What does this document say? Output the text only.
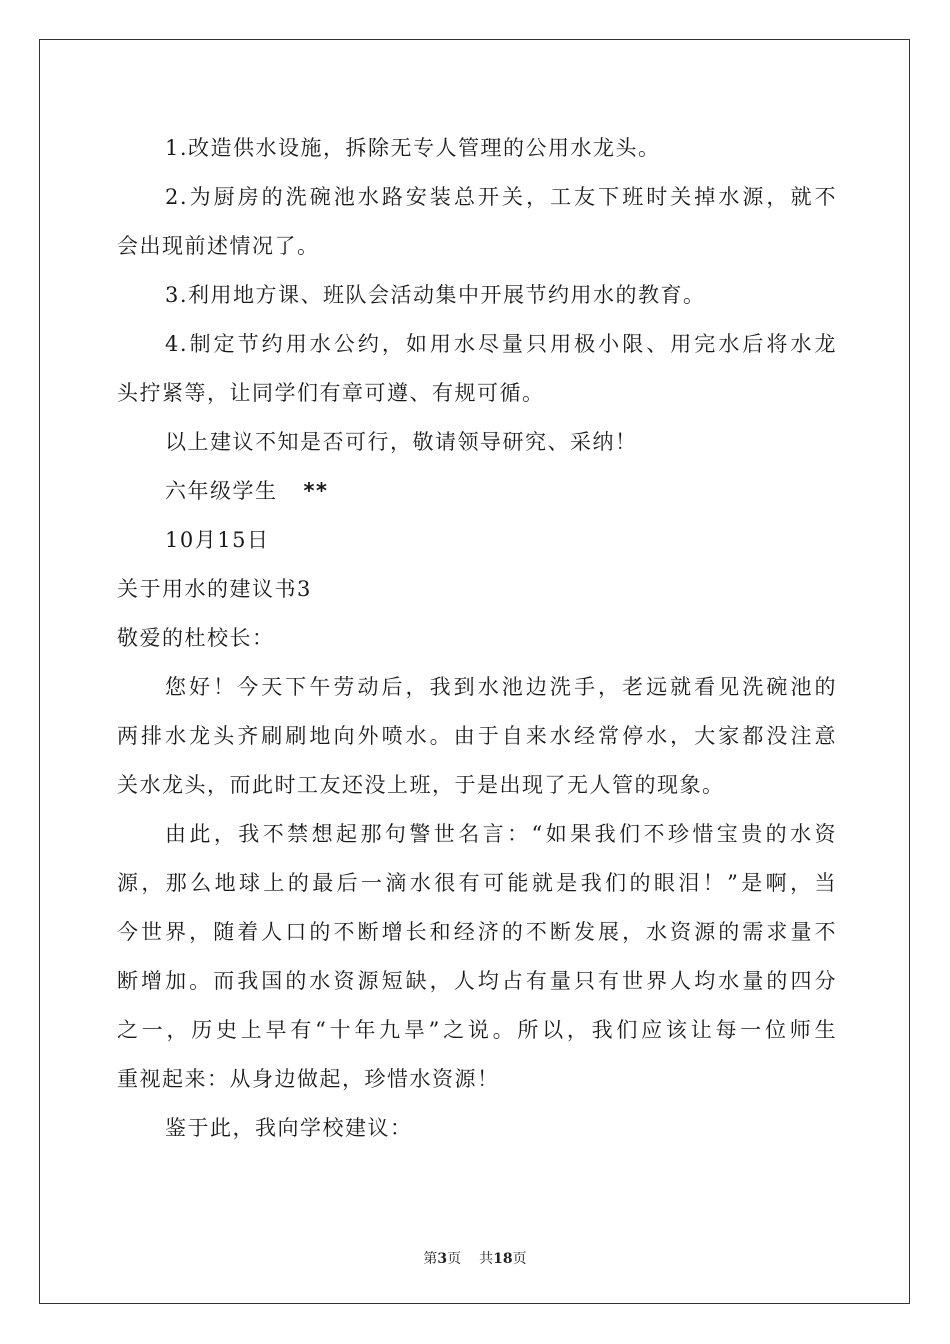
1.改造供水设施，拆除无专人管理的公用水龙头。
2.为厨房的洗碗池水路安装总开关，工友下班时关掉水源，就不
会出现前述情况了。
3.利用地方课、班队会活动集中开展节约用水的教育。
4.制定节约用水公约，如用水尽量只用极小限、用完水后将水龙
头拧紧等，让同学们有章可遵、有规可循。
以上建议不知是否可行，敬请领导研究、采纳！
六年级学生 **
10月15日
关于用水的建议书3
敬爱的杜校长：
您好！今天下午劳动后，我到水池边洗手，老远就看见洗碗池的
两排水龙头齐刷刷地向外喷水。由于自来水经常停水，大家都没注意
关水龙头，而此时工友还没上班，于是出现了无人管的现象。
由此，我不禁想起那句警世名言：“如果我们不珍惜宝贵的水资
源，那么地球上的最后一滴水很有可能就是我们的眼泪！”是啊，当
今世界，随着人口的不断增长和经济的不断发展，水资源的需求量不
断增加。而我国的水资源短缺，人均占有量只有世界人均水量的四分
之一，历史上早有“十年九旱”之说。所以，我们应该让每一位师生
重视起来：从身边做起，珍惜水资源！
鉴于此，我向学校建议：
第3页 共18页
